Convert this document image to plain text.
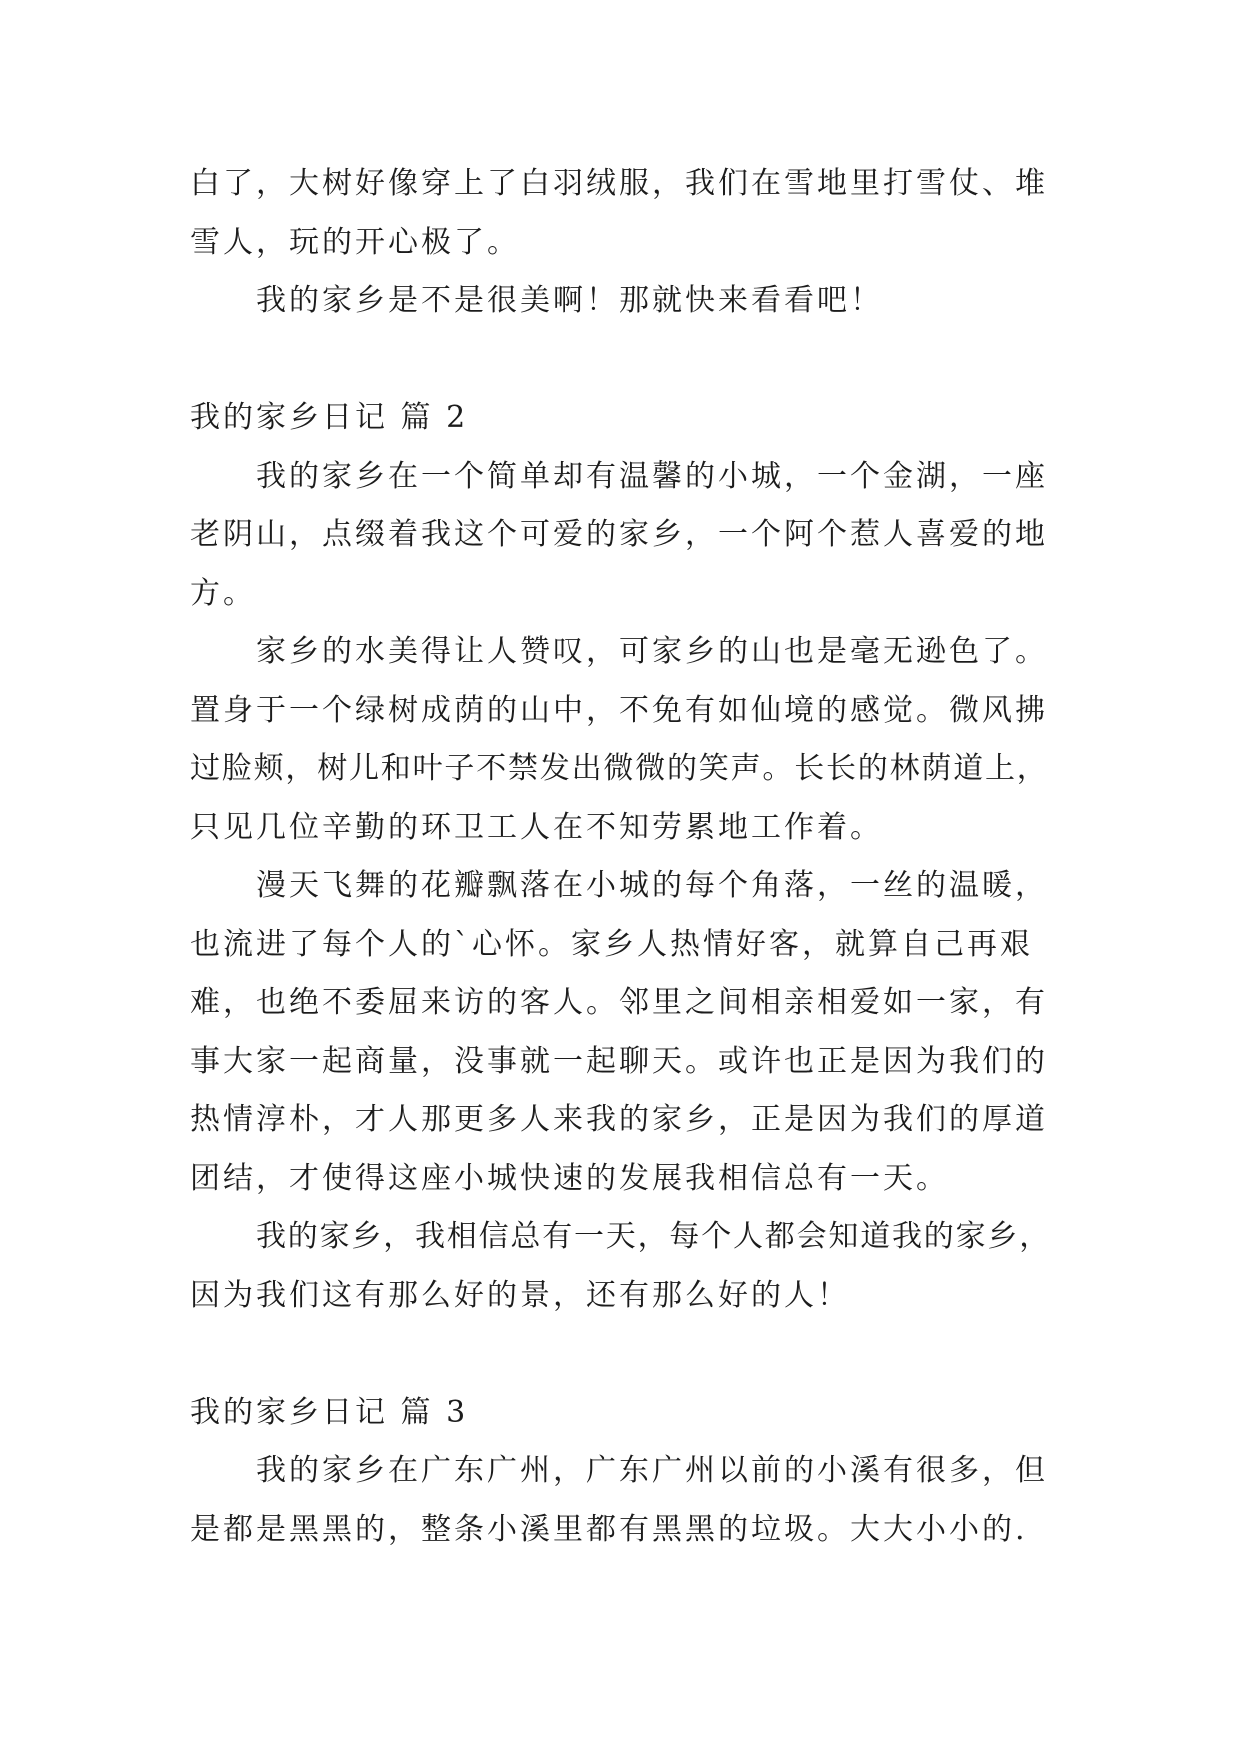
白了，大树好像穿上了白羽绒服，我们在雪地里打雪仗、堆
雪人，玩的开心极了。
我的家乡是不是很美啊！那就快来看看吧！
我的家乡日记 篇 2
我的家乡在一个简单却有温馨的小城，一个金湖，一座
老阴山，点缀着我这个可爱的家乡，一个阿个惹人喜爱的地
方。
家乡的水美得让人赞叹，可家乡的山也是毫无逊色了。
置身于一个绿树成荫的山中，不免有如仙境的感觉。微风拂
过脸颊，树儿和叶子不禁发出微微的笑声。长长的林荫道上，
只见几位辛勤的环卫工人在不知劳累地工作着。
漫天飞舞的花瓣飘落在小城的每个角落，一丝的温暖，
也流进了每个人的`心怀。家乡人热情好客，就算自己再艰
难，也绝不委屈来访的客人。邻里之间相亲相爱如一家，有
事大家一起商量，没事就一起聊天。或许也正是因为我们的
热情淳朴，才人那更多人来我的家乡，正是因为我们的厚道
团结，才使得这座小城快速的发展我相信总有一天。
我的家乡，我相信总有一天，每个人都会知道我的家乡，
因为我们这有那么好的景，还有那么好的人！
我的家乡日记 篇 3
我的家乡在广东广州，广东广州以前的小溪有很多，但
是都是黑黑的，整条小溪里都有黑黑的垃圾。大大小小的.
